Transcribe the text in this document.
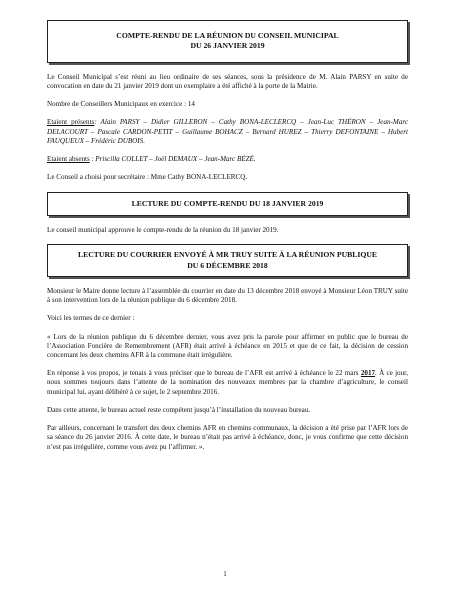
COMPTE-RENDU DE LA RÉUNION DU CONSEIL MUNICIPAL
DU 26 JANVIER 2019

Le Conseil Municipal s’est réuni au lieu ordinaire de ses séances, sous la présidence de M. Alain PARSY en suite de convocation en date du 21 janvier 2019 dont un exemplaire a été affiché à la porte de la Mairie.

Nombre de Conseillers Municipaux en exercice : 14

Etaient présents: Alain PARSY – Didier GILLERON – Cathy BONA-LECLERCQ – Jean-Luc THÉRON – Jean-Marc DELACOURT – Pascale CARDON-PETIT – Guillaume BOHACZ – Bernard HUREZ – Thierry DEFONTAINE – Hubert FAUQUEUX – Frédéric DUBOIS.

Etaient absents : Priscilla COLLET – Joël DEMAUX – Jean-Marc BÉZÉ.

Le Conseil a choisi pour secrétaire : Mme Cathy BONA-LECLERCQ.

LECTURE DU COMPTE-RENDU DU 18 JANVIER 2019

Le conseil municipal approuve le compte-rendu de la réunion du 18 janvier 2019.

LECTURE DU COURRIER ENVOYÉ À MR TRUY SUITE À LA RÉUNION PUBLIQUE
DU 6 DÉCEMBRE 2018

Monsieur le Maire donne lecture à l’assemblée du courrier en date du 13 décembre 2018 envoyé à Monsieur Léon TRUY suite à son intervention lors de la réunion publique du 6 décembre 2018.

Voici les termes de ce dernier :

« Lors de la réunion publique du 6 décembre dernier, vous avez pris la parole pour affirmer en public que le bureau de l’Association Foncière de Remembrement (AFR) était arrivé à échéance en 2015 et que de ce fait, la décision de cession concernant les deux chemins AFR à la commune était irrégulière.

En réponse à vos propos, je tenais à vous préciser que le bureau de l’AFR est arrivé à échéance le 22 mars 2017. À ce jour, nous sommes toujours dans l’attente de la nomination des nouveaux membres par la chambre d’agriculture, le conseil municipal lui, ayant délibéré à ce sujet, le 2 septembre 2016.

Dans cette attente, le bureau actuel reste compétent jusqu’à l’installation du nouveau bureau.

Par ailleurs, concernant le transfert des deux chemins AFR en chemins communaux, la décision a été prise par l’AFR lors de sa séance du 26 janvier 2016. À cette date, le bureau n’était pas arrivé à échéance, donc, je vous confirme que cette décision n’est pas irrégulière, comme vous avez pu l’affirmer. ».

1
